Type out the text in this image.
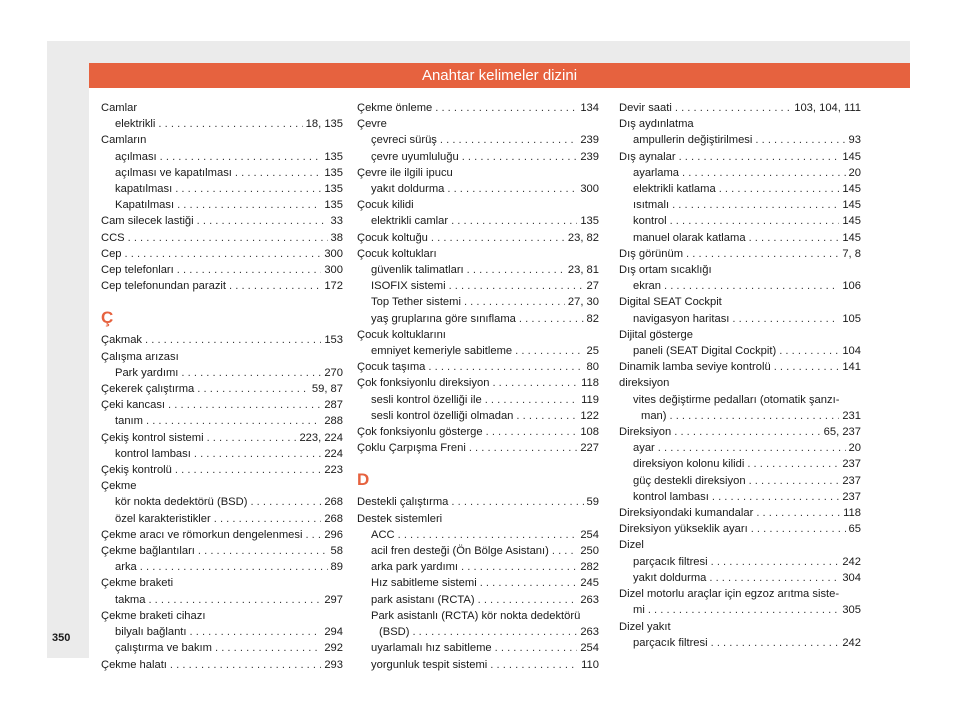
Anahtar kelimeler dizini
Camlar
elektrikli . . .	18, 135
Camların
açılması . . .	135
açılması ve kapatılması . . .	135
kapatılması . . .	135
Kapatılması . . .	135
Cam silecek lastiği . . .	33
CCS . . .	38
Cep . . .	300
Cep telefonları . . .	300
Cep telefonundan parazit . . .	172
Ç
Çakmak . . .	153
Çalışma arızası
Park yardımı . . .	270
Çekerek çalıştırma . . .	59, 87
Çeki kancası . . .	287
tanım . . .	288
Çekiş kontrol sistemi . . .	223, 224
kontrol lambası . . .	224
Çekiş kontrolü . . .	223
Çekme
kör nokta dedektörü (BSD) . . .	268
özel karakteristikler . . .	268
Çekme aracı ve römorkun dengelenmesi . . . 296
Çekme bağlantıları . . .	58
arka . . .	89
Çekme braketi
takma . . .	297
Çekme braketi cihazı
bilyalı bağlantı . . .	294
çalıştırma ve bakım . . .	292
Çekme halatı . . .	293
Çekme önleme . . .	134
Çevre
çevreci sürüş . . .	239
çevre uyumluluğu . . .	239
Çevre ile ilgili ipucu
yakıt doldurma . . .	300
Çocuk kilidi
elektrikli camlar . . .	135
Çocuk koltuğu . . .	23, 82
Çocuk koltukları
güvenlik talimatları . . .	23, 81
ISOFIX sistemi . . .	27
Top Tether sistemi . . .	27, 30
yaş gruplarına göre sınıflama . . .	82
Çocuk koltuklarını
emniyet kemeriyle sabitleme . . .	25
Çocuk taşıma . . .	80
Çok fonksiyonlu direksiyon . . .	118
sesli kontrol özelliği ile . . .	119
sesli kontrol özelliği olmadan . . .	122
Çok fonksiyonlu gösterge . . .	108
Çoklu Çarpışma Freni . . .	227
D
Destekli çalıştırma . . .	59
Destek sistemleri
ACC . . .	254
acil fren desteği (Ön Bölge Asistanı) . . .	250
arka park yardımı . . .	282
Hız sabitleme sistemi . . .	245
park asistanı (RCTA) . . .	263
Park asistanlı (RCTA) kör nokta dedektörü
(BSD) . . .	263
uyarlamalı hız sabitleme . . .	254
yorgunluk tespit sistemi . . .	110
Devir saati . . .	103, 104, 111
Dış aydınlatma
ampullerin değiştirilmesi . . .	93
Dış aynalar . . .	145
ayarlama . . .	20
elektrikli katlama . . .	145
ısıtmalı . . .	145
kontrol . . .	145
manuel olarak katlama . . .	145
Dış görünüm . . .	7, 8
Dış ortam sıcaklığı
ekran . . .	106
Digital SEAT Cockpit
navigasyon haritası . . .	105
Dijital gösterge
paneli (SEAT Digital Cockpit) . . .	104
Dinamik lamba seviye kontrolü . . .	141
direksiyon
vites değiştirme pedalları (otomatik şanzı-
man) . . .	231
Direksiyon . . .	65, 237
ayar . . .	20
direksiyon kolonu kilidi . . .	237
güç destekli direksiyon . . .	237
kontrol lambası . . .	237
Direksiyondaki kumandalar . . .	118
Direksiyon yükseklik ayarı . . .	65
Dizel
parçacık filtresi . . .	242
yakıt doldurma . . .	304
Dizel motorlu araçlar için egzoz arıtma siste-
mi . . .	305
Dizel yakıt
parçacık filtresi . . .	242
350
